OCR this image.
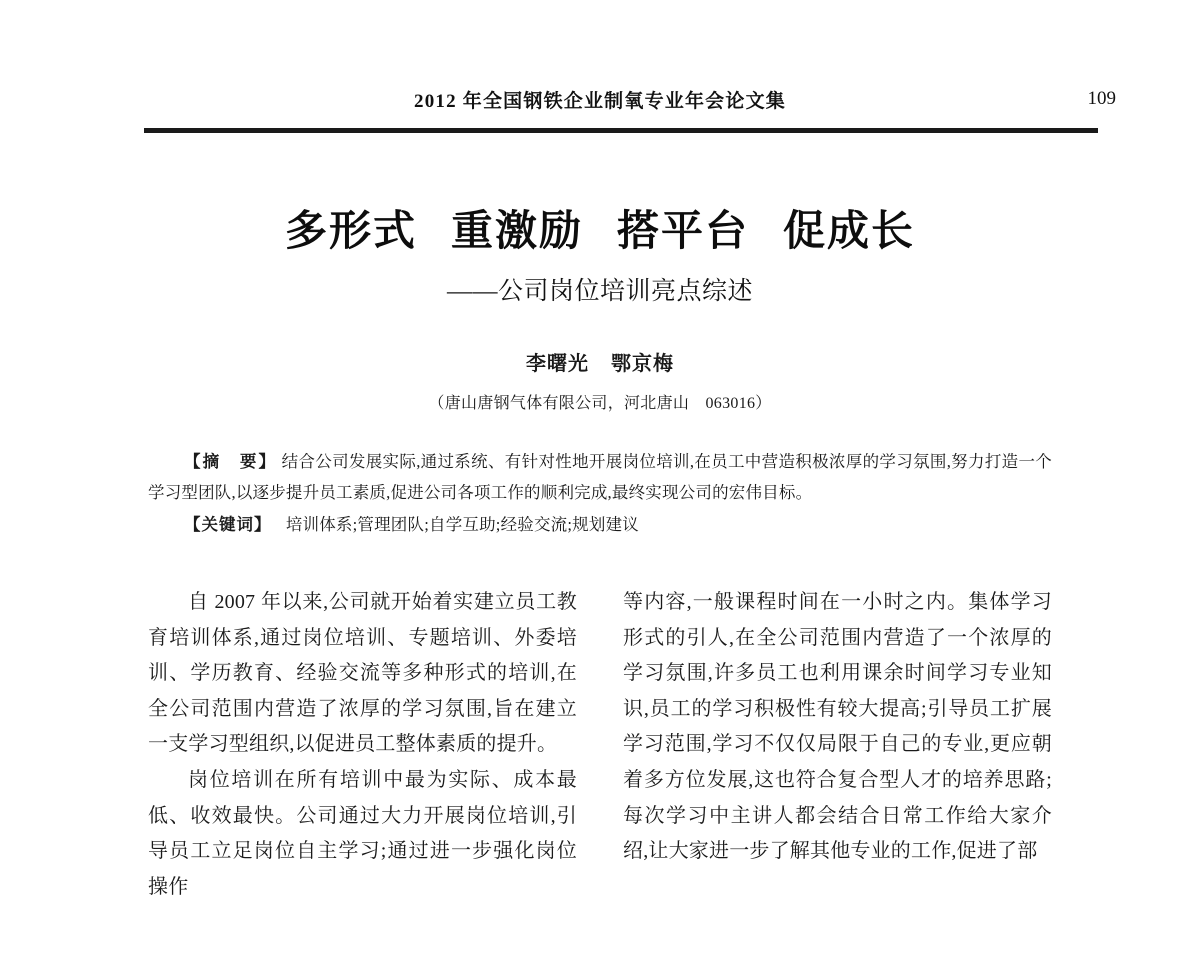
2012 年全国钢铁企业制氧专业年会论文集	109
多形式 重激励 搭平台 促成长
——公司岗位培训亮点综述
李曙光 鄂京梅
（唐山唐钢气体有限公司，河北唐山　063016）
【摘　要】 结合公司发展实际,通过系统、有针对性地开展岗位培训,在员工中营造积极浓厚的学习氛围,努力打造一个学习型团队,以逐步提升员工素质,促进公司各项工作的顺利完成,最终实现公司的宏伟目标。
【关键词】 培训体系;管理团队;自学互助;经验交流;规划建议

自 2007 年以来,公司就开始着实建立员工教育培训体系,通过岗位培训、专题培训、外委培训、学历教育、经验交流等多种形式的培训,在全公司范围内营造了浓厚的学习氛围,旨在建立一支学习型组织,以促进员工整体素质的提升。

岗位培训在所有培训中最为实际、成本最低、收效最快。公司通过大力开展岗位培训,引导员工立足岗位自主学习;通过进一步强化岗位操作

等内容,一般课程时间在一小时之内。集体学习形式的引人,在全公司范围内营造了一个浓厚的学习氛围,许多员工也利用课余时间学习专业知识,员工的学习积极性有较大提高;引导员工扩展学习范围,学习不仅仅局限于自己的专业,更应朝着多方位发展,这也符合复合型人才的培养思路;每次学习中主讲人都会结合日常工作给大家介绍,让大家进一步了解其他专业的工作,促进了部
